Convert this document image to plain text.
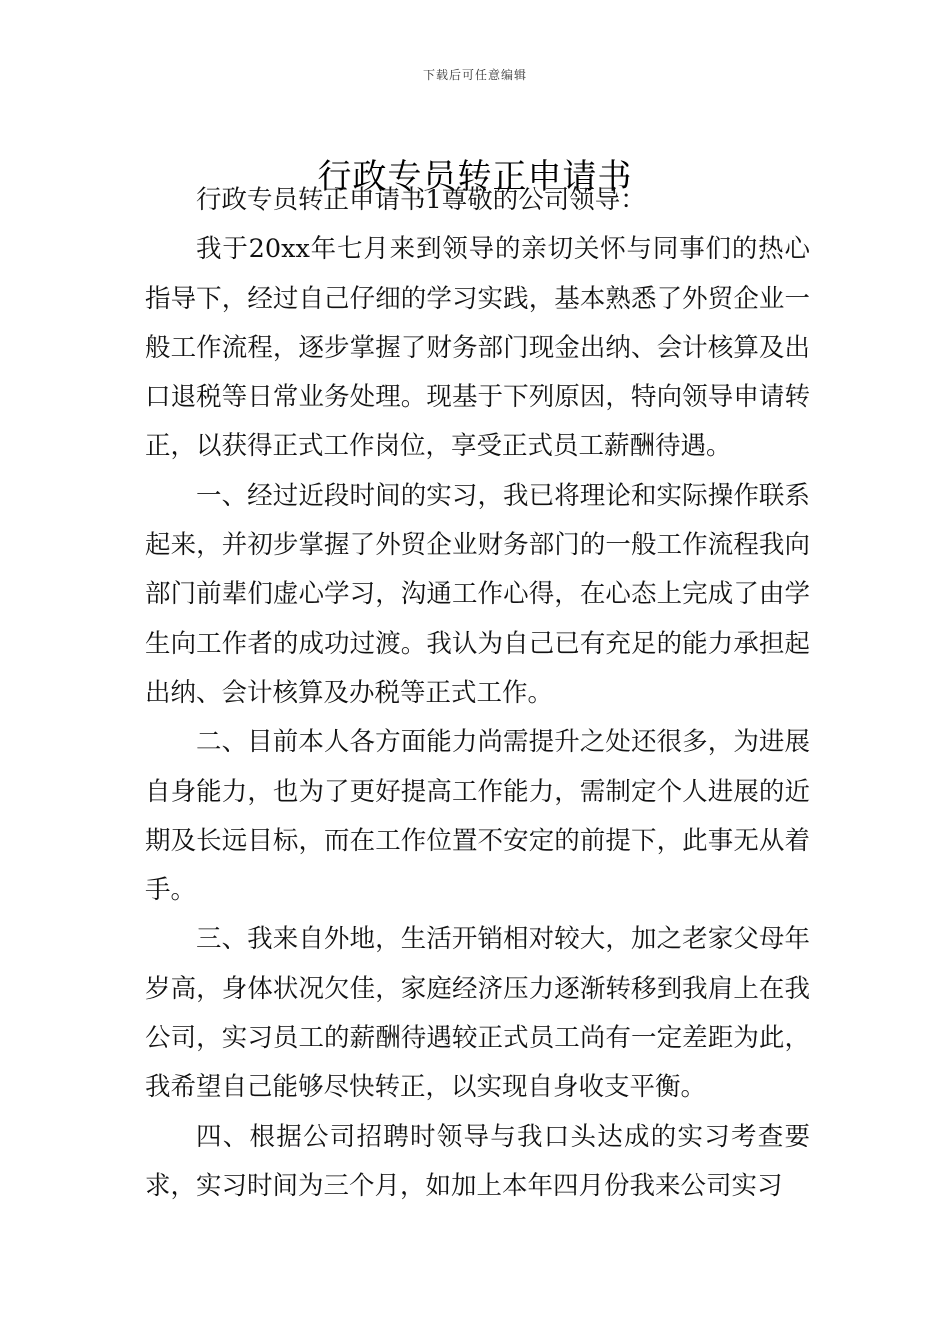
下载后可任意编辑
行政专员转正申请书

行政专员转正申请书1尊敬的公司领导：

我于20xx年七月来到领导的亲切关怀与同事们的热心指导下，经过自己仔细的学习实践，基本熟悉了外贸企业一般工作流程，逐步掌握了财务部门现金出纳、会计核算及出口退税等日常业务处理。现基于下列原因，特向领导申请转正，以获得正式工作岗位，享受正式员工薪酬待遇。

一、经过近段时间的实习，我已将理论和实际操作联系起来，并初步掌握了外贸企业财务部门的一般工作流程我向部门前辈们虚心学习，沟通工作心得，在心态上完成了由学生向工作者的成功过渡。我认为自己已有充足的能力承担起出纳、会计核算及办税等正式工作。

二、目前本人各方面能力尚需提升之处还很多，为进展自身能力，也为了更好提高工作能力，需制定个人进展的近期及长远目标，而在工作位置不安定的前提下，此事无从着手。

三、我来自外地，生活开销相对较大，加之老家父母年岁高，身体状况欠佳，家庭经济压力逐渐转移到我肩上在我公司，实习员工的薪酬待遇较正式员工尚有一定差距为此，我希望自己能够尽快转正，以实现自身收支平衡。

四、根据公司招聘时领导与我口头达成的实习考查要求，实习时间为三个月，如加上本年四月份我来公司实习
